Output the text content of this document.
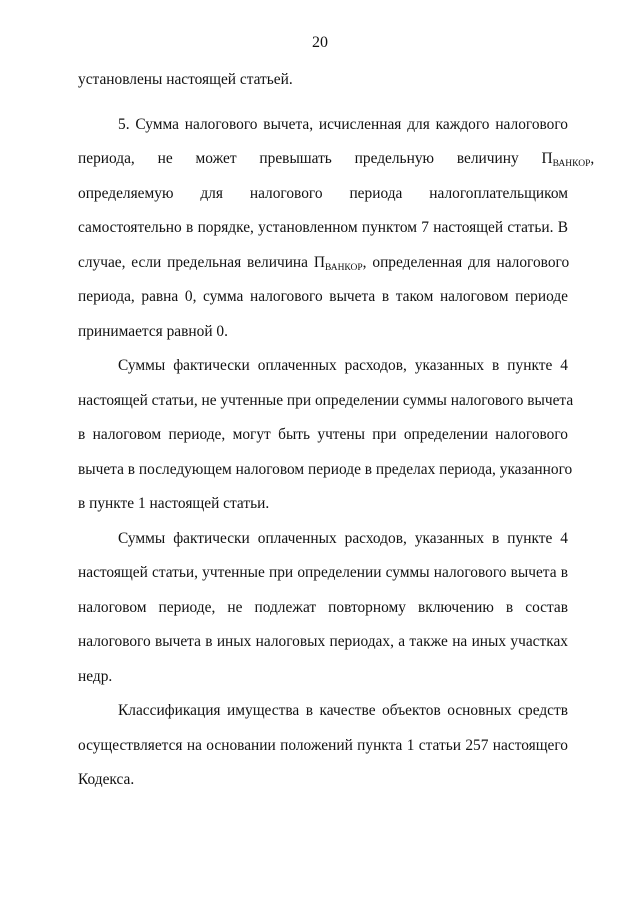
20
установлены настоящей статьей.
5. Сумма налогового вычета, исчисленная для каждого налогового
периода, не может превышать предельную величину $П_{ВАНКОР}$,
определяемую для налогового периода налогоплательщиком
самостоятельно в порядке, установленном пунктом 7 настоящей статьи. В
случае, если предельная величина $П_{ВАНКОР}$, определенная для налогового
периода, равна 0, сумма налогового вычета в таком налоговом периоде
принимается равной 0.
Суммы фактически оплаченных расходов, указанных в пункте 4
настоящей статьи, не учтенные при определении суммы налогового вычета
в налоговом периоде, могут быть учтены при определении налогового
вычета в последующем налоговом периоде в пределах периода, указанного
в пункте 1 настоящей статьи.
Суммы фактически оплаченных расходов, указанных в пункте 4
настоящей статьи, учтенные при определении суммы налогового вычета в
налоговом периоде, не подлежат повторному включению в состав
налогового вычета в иных налоговых периодах, а также на иных участках
недр.
Классификация имущества в качестве объектов основных средств
осуществляется на основании положений пункта 1 статьи 257 настоящего
Кодекса.
